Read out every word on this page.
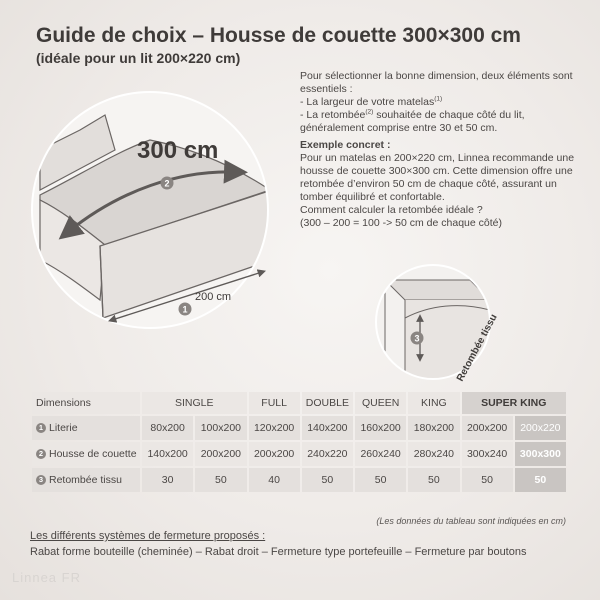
Guide de choix – Housse de couette 300×300 cm
(idéale pour un lit 200×220 cm)
300 cm
200 cm
2
1
3	Retombée tissu

Pour sélectionner la bonne dimension, deux éléments sont essentiels :

- La largeur de votre matelas$^{(1)}$

- La retombée$^{(2)}$ souhaitée de chaque côté du lit, généralement comprise entre 30 et 50 cm.

Exemple concret :

Pour un matelas en 200×220 cm, Linnea recommande une housse de couette 300×300 cm. Cette dimension offre une retombée d’environ 50 cm de chaque côté, assurant un tomber équilibré et confortable.

Comment calculer la retombée idéale ?

(300 – 200 = 100 -> 50 cm de chaque côté)

Dimensions	SINGLE		FULL	DOUBLE	QUEEN	KING	SUPER KING	
1 Literie	80x200	100x200	120x200	140x200	160x200	180x200	200x200	200x220
2 Housse de couette	140x200	200x200	200x200	240x220	260x240	280x240	300x240	300x300
3 Retombée tissu	30	50	40	50	50	50	50	50
(Les données du tableau sont indiquées en cm)
Les différents systèmes de fermeture proposés :
Rabat forme bouteille (cheminée) – Rabat droit – Fermeture type portefeuille – Fermeture par boutons
Linnea FR
